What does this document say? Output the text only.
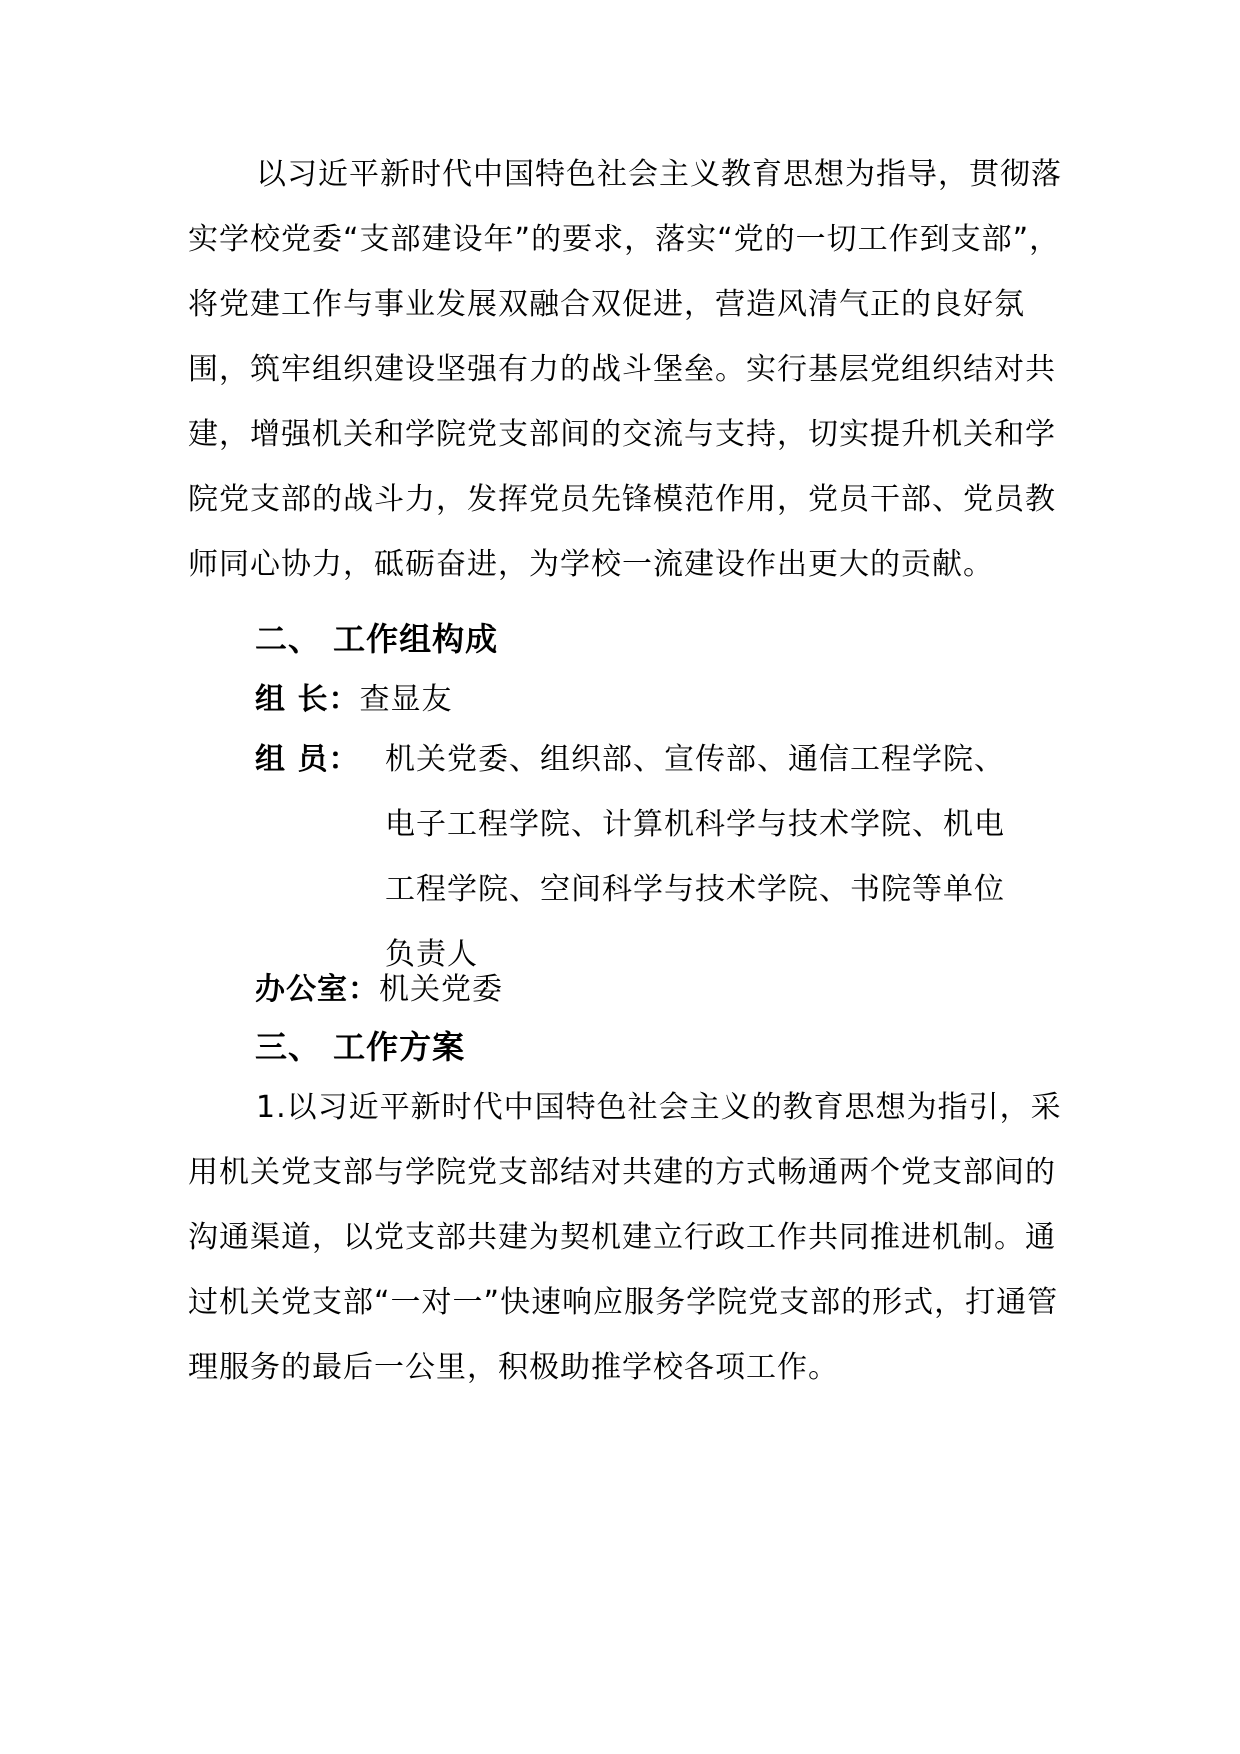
以习近平新时代中国特色社会主义教育思想为指导，贯彻落实学校党委“支部建设年”的要求，落实“党的一切工作到支部”，将党建工作与事业发展双融合双促进，营造风清气正的良好氛围，筑牢组织建设坚强有力的战斗堡垒。实行基层党组织结对共建，增强机关和学院党支部间的交流与支持，切实提升机关和学院党支部的战斗力，发挥党员先锋模范作用，党员干部、党员教师同心协力，砥砺奋进，为学校一流建设作出更大的贡献。

二、 工作组构成
组 长：查显友
组 员： 机关党委、组织部、宣传部、通信工程学院、
电子工程学院、计算机科学与技术学院、机电
工程学院、空间科学与技术学院、书院等单位
负责人
办公室：机关党委
三、 工作方案

1.以习近平新时代中国特色社会主义的教育思想为指引，采用机关党支部与学院党支部结对共建的方式畅通两个党支部间的沟通渠道，以党支部共建为契机建立行政工作共同推进机制。通过机关党支部“一对一”快速响应服务学院党支部的形式，打通管理服务的最后一公里，积极助推学校各项工作。
